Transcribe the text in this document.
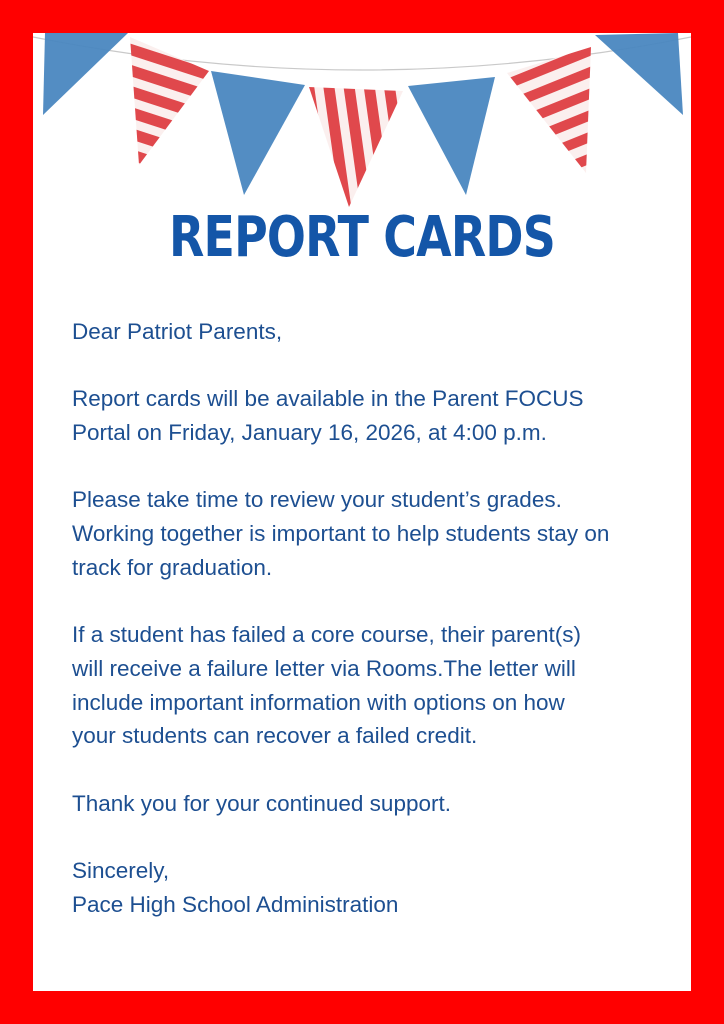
REPORT CARDS

Dear Patriot Parents,

Report cards will be available in the Parent FOCUS
Portal on Friday, January 16, 2026, at 4:00 p.m.

Please take time to review your student’s grades.
Working together is important to help students stay on
track for graduation.

If a student has failed a core course, their parent(s)
will receive a failure letter via Rooms.The letter will
include important information with options on how
your students can recover a failed credit.

Thank you for your continued support.

Sincerely,
Pace High School Administration
